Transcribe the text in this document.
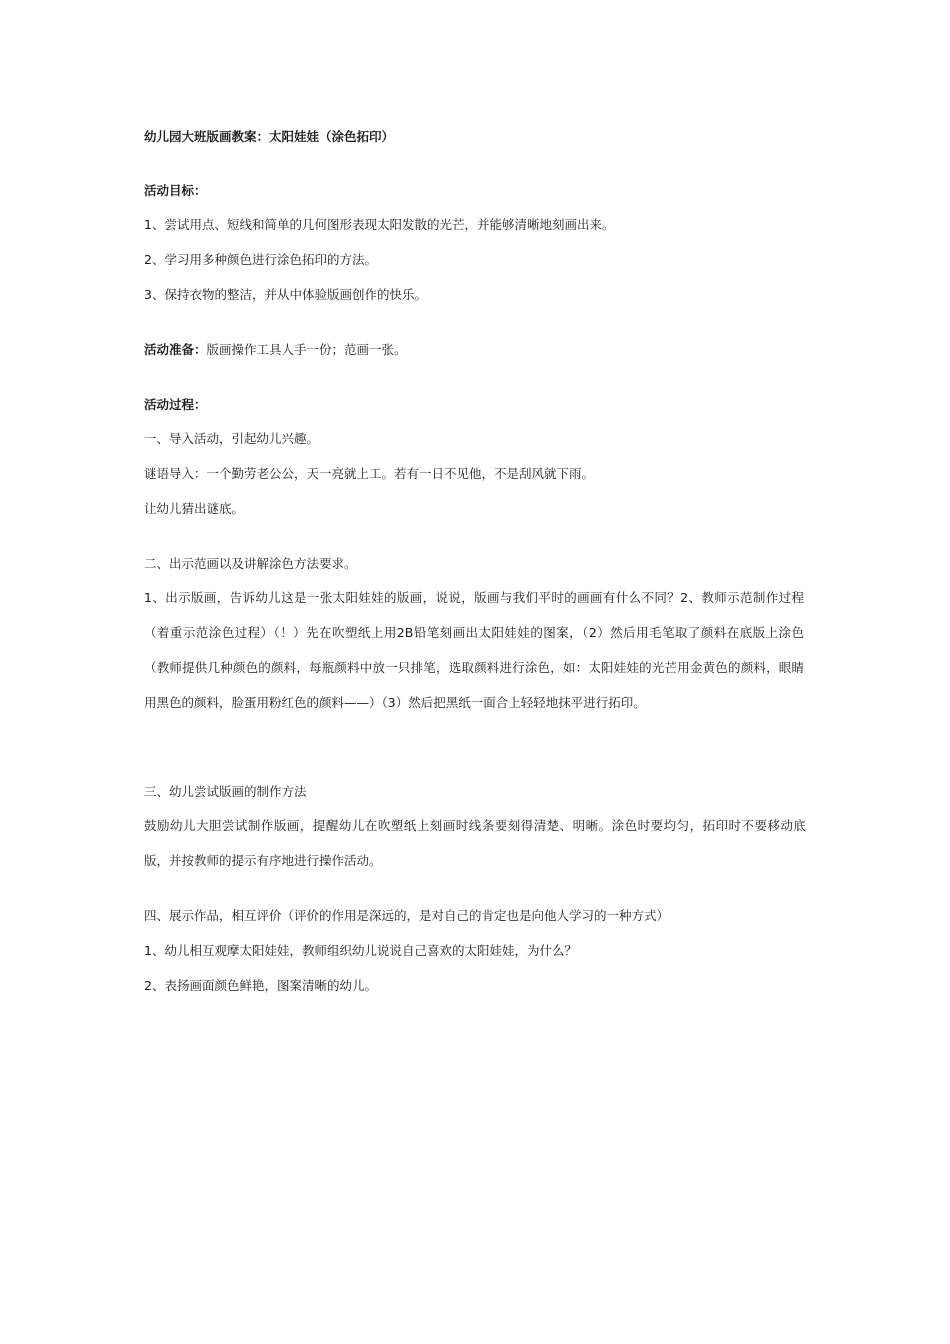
幼儿园大班版画教案：太阳娃娃（涂色拓印）

活动目标：

1、尝试用点、短线和简单的几何图形表现太阳发散的光芒，并能够清晰地刻画出来。

2、学习用多种颜色进行涂色拓印的方法。

3、保持衣物的整洁，并从中体验版画创作的快乐。

活动准备：版画操作工具人手一份；范画一张。

活动过程：

一、导入活动，引起幼儿兴趣。

谜语导入：一个勤劳老公公，天一亮就上工。若有一日不见他，不是刮风就下雨。

让幼儿猜出谜底。

二、出示范画以及讲解涂色方法要求。

1、出示版画，告诉幼儿这是一张太阳娃娃的版画，说说，版画与我们平时的画画有什么不同？2、教师示范制作过程（着重示范涂色过程）（！）先在吹塑纸上用2B铅笔刻画出太阳娃娃的图案，（2）然后用毛笔取了颜料在底版上涂色（教师提供几种颜色的颜料，每瓶颜料中放一只排笔，选取颜料进行涂色，如：太阳娃娃的光芒用金黄色的颜料，眼睛用黑色的颜料，脸蛋用粉红色的颜料——）（3）然后把黑纸一面合上轻轻地抹平进行拓印。

三、幼儿尝试版画的制作方法

鼓励幼儿大胆尝试制作版画，提醒幼儿在吹塑纸上刻画时线条要刻得清楚、明晰。涂色时要均匀，拓印时不要移动底版，并按教师的提示有序地进行操作活动。

四、展示作品，相互评价（评价的作用是深远的，是对自己的肯定也是向他人学习的一种方式）

1、幼儿相互观摩太阳娃娃，教师组织幼儿说说自己喜欢的太阳娃娃，为什么？

2、表扬画面颜色鲜艳，图案清晰的幼儿。
